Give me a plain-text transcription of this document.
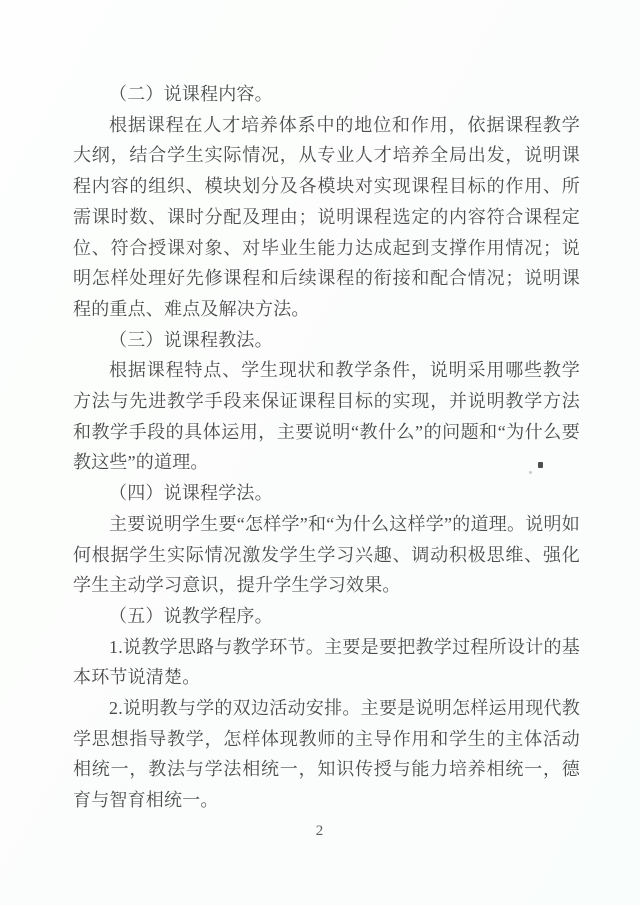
（二）说课程内容。

根据课程在人才培养体系中的地位和作用，依据课程教学大纲，结合学生实际情况，从专业人才培养全局出发，说明课程内容的组织、模块划分及各模块对实现课程目标的作用、所需课时数、课时分配及理由；说明课程选定的内容符合课程定位、符合授课对象、对毕业生能力达成起到支撑作用情况；说明怎样处理好先修课程和后续课程的衔接和配合情况；说明课程的重点、难点及解决方法。

（三）说课程教法。

根据课程特点、学生现状和教学条件，说明采用哪些教学方法与先进教学手段来保证课程目标的实现，并说明教学方法和教学手段的具体运用，主要说明“教什么”的问题和“为什么要教这些”的道理。

（四）说课程学法。

主要说明学生要“怎样学”和“为什么这样学”的道理。说明如何根据学生实际情况激发学生学习兴趣、调动积极思维、强化学生主动学习意识，提升学生学习效果。

（五）说教学程序。

1.说教学思路与教学环节。主要是要把教学过程所设计的基本环节说清楚。

2.说明教与学的双边活动安排。主要是说明怎样运用现代教学思想指导教学，怎样体现教师的主导作用和学生的主体活动相统一，教法与学法相统一，知识传授与能力培养相统一，德育与智育相统一。

2
